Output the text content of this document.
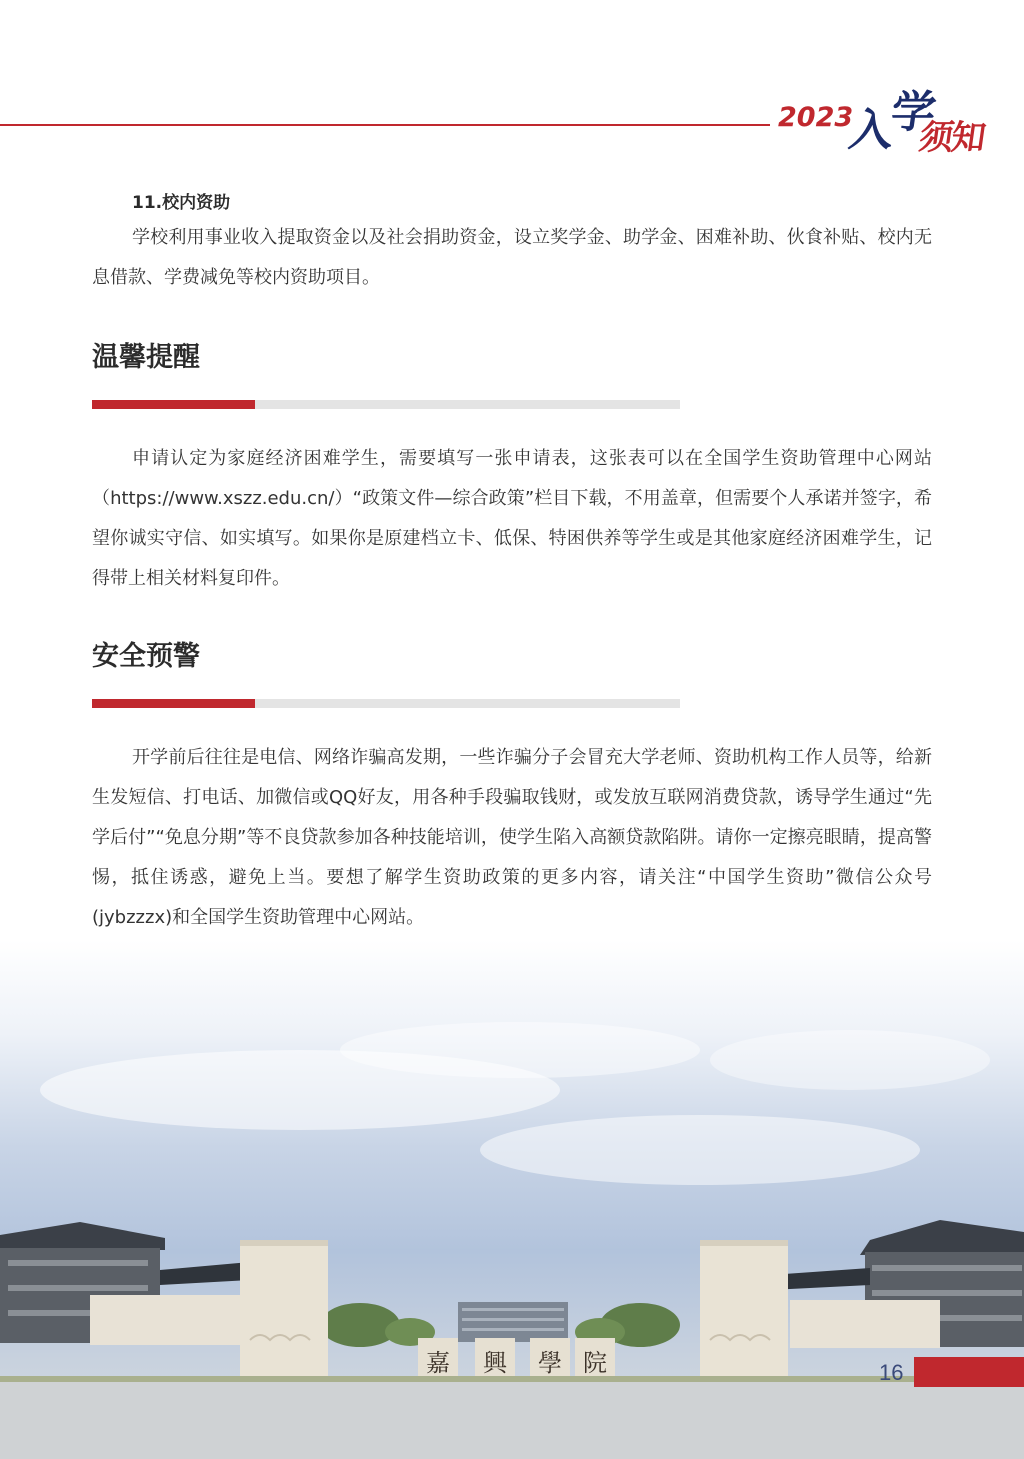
2023
入
学
须知
11.校内资助

学校利用事业收入提取资金以及社会捐助资金，设立奖学金、助学金、困难补助、伙食补贴、校内无息借款、学费减免等校内资助项目。

温馨提醒

申请认定为家庭经济困难学生，需要填写一张申请表，这张表可以在全国学生资助管理中心网站（https://www.xszz.edu.cn/）“政策文件—综合政策”栏目下载，不用盖章，但需要个人承诺并签字，希望你诚实守信、如实填写。如果你是原建档立卡、低保、特困供养等学生或是其他家庭经济困难学生，记得带上相关材料复印件。

安全预警

开学前后往往是电信、网络诈骗高发期，一些诈骗分子会冒充大学老师、资助机构工作人员等，给新生发短信、打电话、加微信或QQ好友，用各种手段骗取钱财，或发放互联网消费贷款，诱导学生通过“先学后付”“免息分期”等不良贷款参加各种技能培训，使学生陷入高额贷款陷阱。请你一定擦亮眼睛，提高警惕，抵住诱惑，避免上当。要想了解学生资助政策的更多内容，请关注“中国学生资助”微信公众号(jybzzzx)和全国学生资助管理中心网站。

嘉	興	學 院	16
